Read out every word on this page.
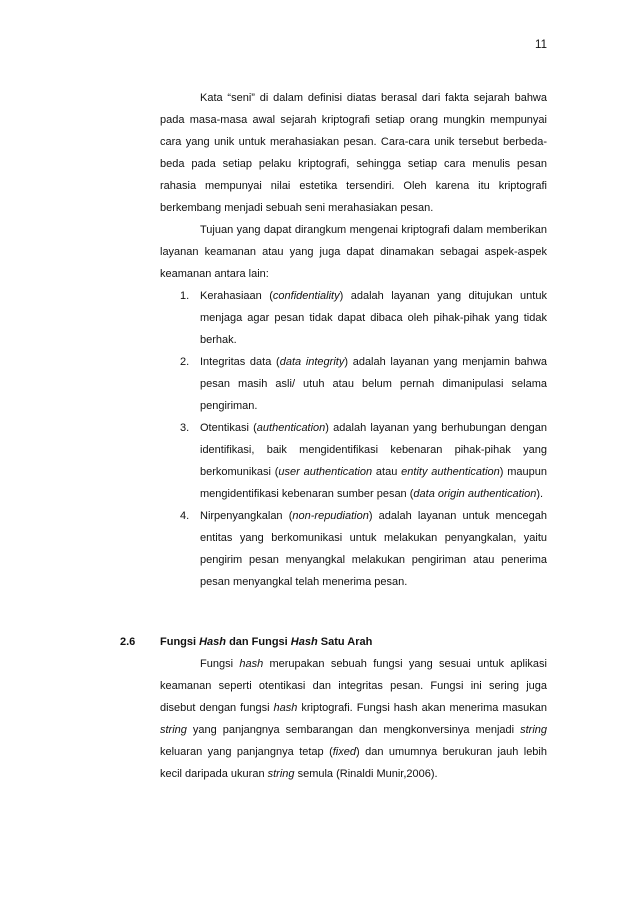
11

Kata “seni” di dalam definisi diatas berasal dari fakta sejarah bahwa pada masa-masa awal sejarah kriptografi setiap orang mungkin mempunyai cara yang unik untuk merahasiakan pesan. Cara-cara unik tersebut berbeda-beda pada setiap pelaku kriptografi, sehingga setiap cara menulis pesan rahasia mempunyai nilai estetika tersendiri. Oleh karena itu kriptografi berkembang menjadi sebuah seni merahasiakan pesan.

Tujuan yang dapat dirangkum mengenai kriptografi dalam memberikan layanan keamanan atau yang juga dapat dinamakan sebagai aspek-aspek keamanan antara lain:

1. Kerahasiaan (confidentiality) adalah layanan yang ditujukan untuk menjaga agar pesan tidak dapat dibaca oleh pihak-pihak yang tidak berhak.
2. Integritas data (data integrity) adalah layanan yang menjamin bahwa pesan masih asli/ utuh atau belum pernah dimanipulasi selama pengiriman.
3. Otentikasi (authentication) adalah layanan yang berhubungan dengan identifikasi, baik mengidentifikasi kebenaran pihak-pihak yang berkomunikasi (user authentication atau entity authentication) maupun mengidentifikasi kebenaran sumber pesan (data origin authentication).
4. Nirpenyangkalan (non-repudiation) adalah layanan untuk mencegah entitas yang berkomunikasi untuk melakukan penyangkalan, yaitu pengirim pesan menyangkal melakukan pengiriman atau penerima pesan menyangkal telah menerima pesan.

2.6 Fungsi Hash dan Fungsi Hash Satu Arah

Fungsi hash merupakan sebuah fungsi yang sesuai untuk aplikasi keamanan seperti otentikasi dan integritas pesan. Fungsi ini sering juga disebut dengan fungsi hash kriptografi. Fungsi hash akan menerima masukan string yang panjangnya sembarangan dan mengkonversinya menjadi string keluaran yang panjangnya tetap (fixed) dan umumnya berukuran jauh lebih kecil daripada ukuran string semula (Rinaldi Munir,2006).
